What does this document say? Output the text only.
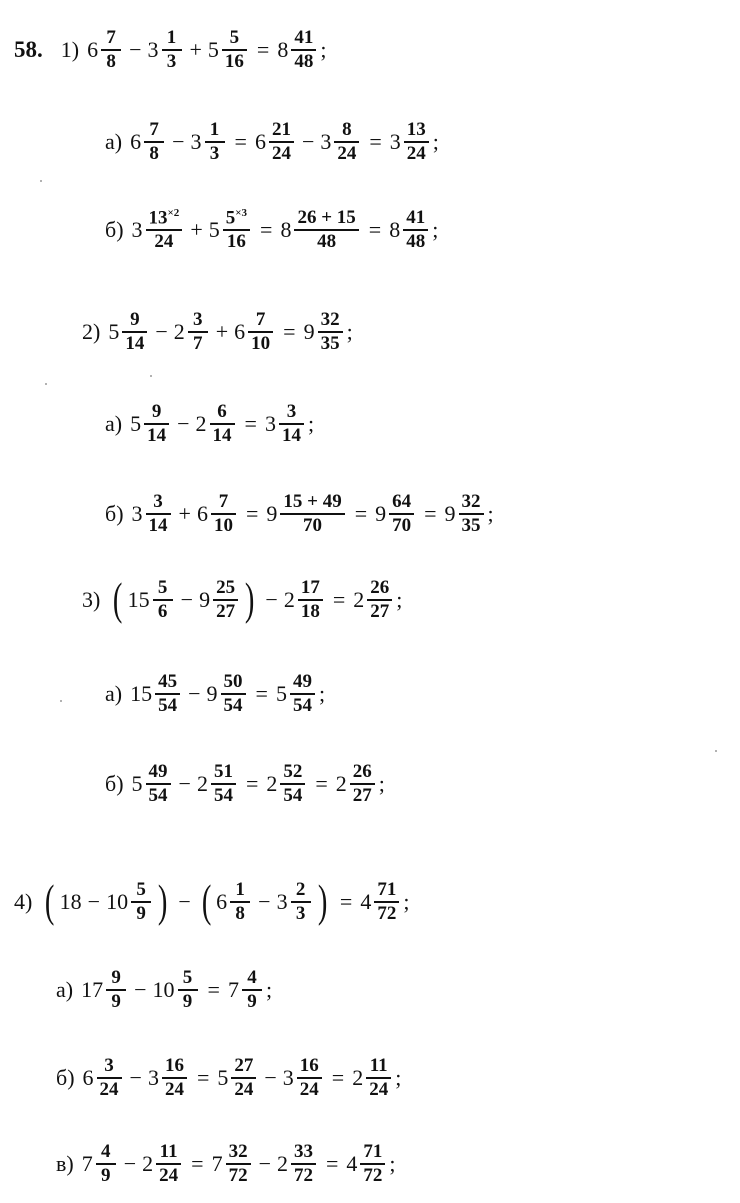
58. 1) $6 \frac{7}{8} - 3 \frac{1}{3} + 5 \frac{5}{16} = 8 \frac{41}{48}$ ;
а) $6 \frac{7}{8} - 3 \frac{1}{3} = 6 \frac{21}{24} - 3 \frac{8}{24} = 3 \frac{13}{24}$ ;
б) $3 \frac{13^{\times 2}}{24} + 5 \frac{5^{\times 3}}{16} = 8 \frac{26 + 15}{48} = 8 \frac{41}{48}$ ;
2) $5 \frac{9}{14} - 2 \frac{3}{7} + 6 \frac{7}{10} = 9 \frac{32}{35}$ ;
а) $5 \frac{9}{14} - 2 \frac{6}{14} = 3 \frac{3}{14}$ ;
б) $3 \frac{3}{14} + 6 \frac{7}{10} = 9 \frac{15 + 49}{70} = 9 \frac{64}{70} = 9 \frac{32}{35}$ ;
3) ( $15 \frac{5}{6} - 9 \frac{25}{27}$ ) − $2 \frac{17}{18} = 2 \frac{26}{27}$ ;
а) $15 \frac{45}{54} - 9 \frac{50}{54} = 5 \frac{49}{54}$ ;
б) $5 \frac{49}{54} - 2 \frac{51}{54} = 2 \frac{52}{54} = 2 \frac{26}{27}$ ;
4) ( $18 - 10 \frac{5}{9}$ ) − ( $6 \frac{1}{8} - 3 \frac{2}{3}$ ) = $4 \frac{71}{72}$ ;
а) $17 \frac{9}{9} - 10 \frac{5}{9} = 7 \frac{4}{9}$ ;
б) $6 \frac{3}{24} - 3 \frac{16}{24} = 5 \frac{27}{24} - 3 \frac{16}{24} = 2 \frac{11}{24}$ ;
в) $7 \frac{4}{9} - 2 \frac{11}{24} = 7 \frac{32}{72} - 2 \frac{33}{72} = 4 \frac{71}{72}$ ;
